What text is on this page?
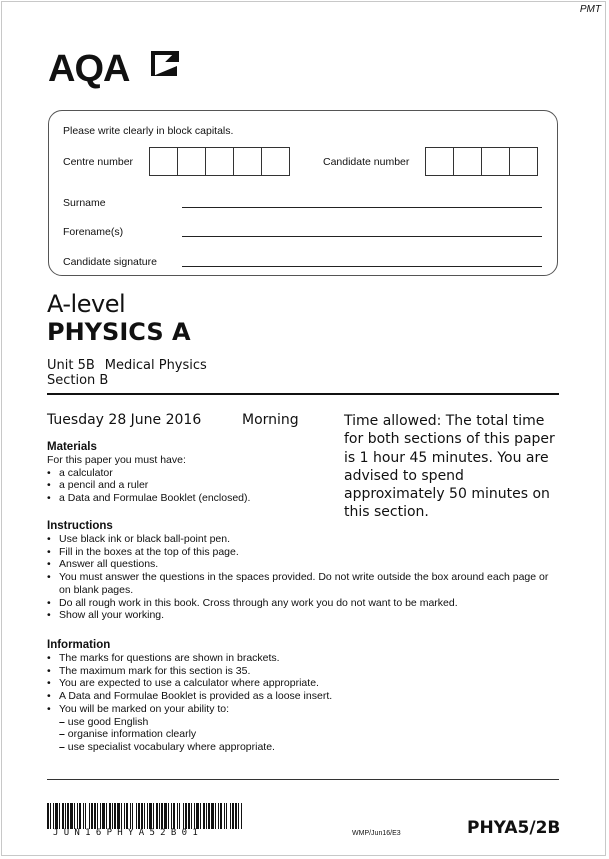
PMT
AQA
Please write clearly in block capitals.
Centre number	Candidate number
Surname
Forename(s)
Candidate signature
A-level
PHYSICS A
Unit 5B Medical Physics
Section B
Tuesday 28 June 2016	Morning	Time allowed: The total time for both sections of this paper is 1 hour 45 minutes. You are advised to spend approximately 50 minutes on this section.
Materials
For this paper you must have:
• a calculator
• a pencil and a ruler
• a Data and Formulae Booklet (enclosed).
Instructions
• Use black ink or black ball-point pen.
• Fill in the boxes at the top of this page.
• Answer all questions.
• You must answer the questions in the spaces provided. Do not write outside the box around each page or on blank pages.
• Do all rough work in this book. Cross through any work you do not want to be marked.
• Show all your working.
Information
• The marks for questions are shown in brackets.
• The maximum mark for this section is 35.
• You are expected to use a calculator where appropriate.
• A Data and Formulae Booklet is provided as a loose insert.
• You will be marked on your ability to:
– use good English
– organise information clearly
– use specialist vocabulary where appropriate.
JUN16PHYA52B01	WMP/Jun16/E3	PHYA5/2B
